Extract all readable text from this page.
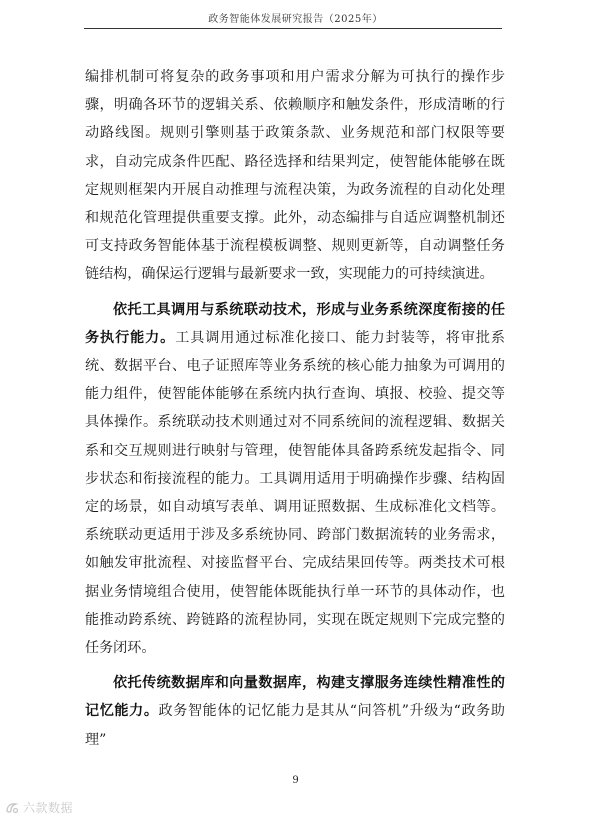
政务智能体发展研究报告（2025年）

编排机制可将复杂的政务事项和用户需求分解为可执行的操作步骤，明确各环节的逻辑关系、依赖顺序和触发条件，形成清晰的行动路线图。规则引擎则基于政策条款、业务规范和部门权限等要求，自动完成条件匹配、路径选择和结果判定，使智能体能够在既定规则框架内开展自动推理与流程决策，为政务流程的自动化处理和规范化管理提供重要支撑。此外，动态编排与自适应调整机制还可支持政务智能体基于流程模板调整、规则更新等，自动调整任务链结构，确保运行逻辑与最新要求一致，实现能力的可持续演进。

依托工具调用与系统联动技术，形成与业务系统深度衔接的任务执行能力。工具调用通过标准化接口、能力封装等，将审批系统、数据平台、电子证照库等业务系统的核心能力抽象为可调用的能力组件，使智能体能够在系统内执行查询、填报、校验、提交等具体操作。系统联动技术则通过对不同系统间的流程逻辑、数据关系和交互规则进行映射与管理，使智能体具备跨系统发起指令、同步状态和衔接流程的能力。工具调用适用于明确操作步骤、结构固定的场景，如自动填写表单、调用证照数据、生成标准化文档等。系统联动更适用于涉及多系统协同、跨部门数据流转的业务需求，如触发审批流程、对接监督平台、完成结果回传等。两类技术可根据业务情境组合使用，使智能体既能执行单一环节的具体动作，也能推动跨系统、跨链路的流程协同，实现在既定规则下完成完整的任务闭环。

依托传统数据库和向量数据库，构建支撑服务连续性精准性的记忆能力。政务智能体的记忆能力是其从“问答机”升级为“政务助理”

9
六款数据
